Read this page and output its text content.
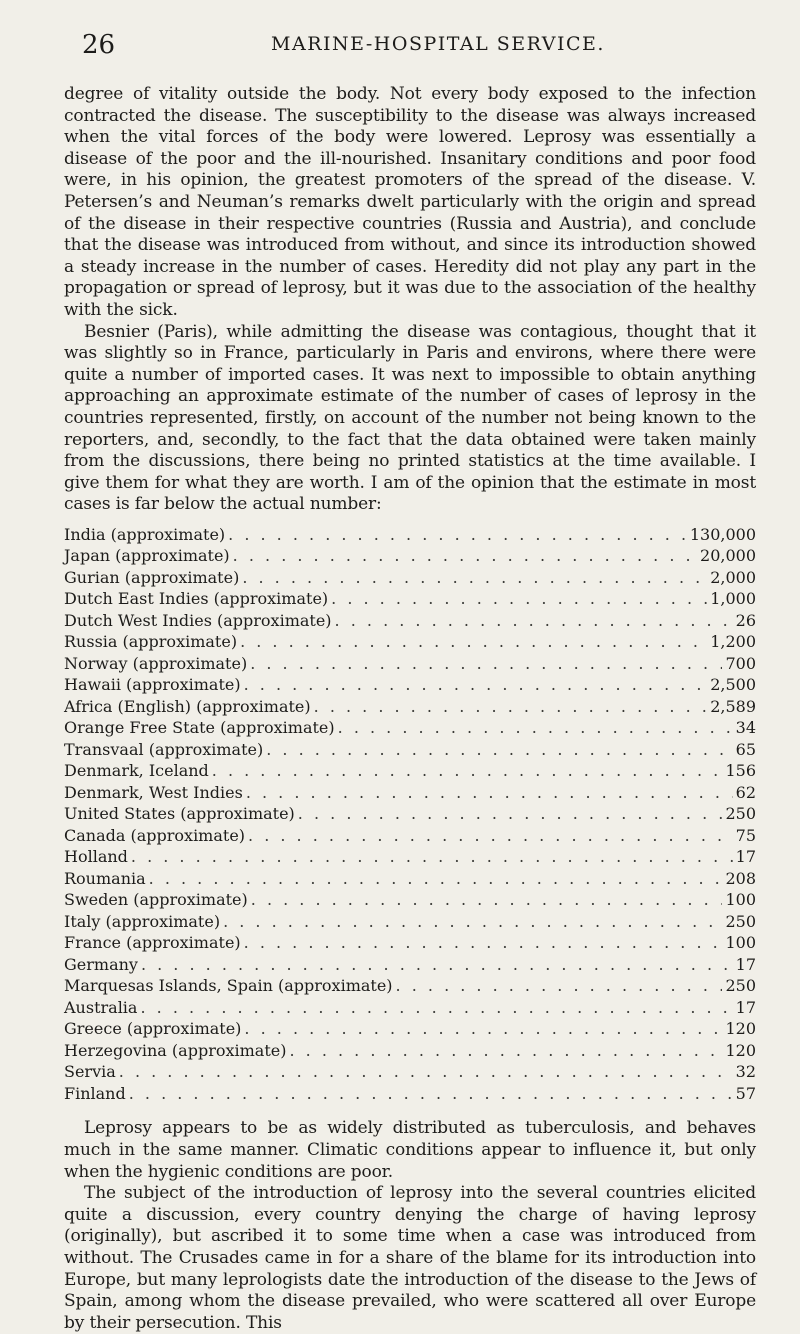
26	MARINE-HOSPITAL SERVICE.

degree of vitality outside the body. Not every body exposed to the infection contracted the disease. The susceptibility to the disease was always increased when the vital forces of the body were lowered. Leprosy was essentially a disease of the poor and the ill-nourished. Insanitary conditions and poor food were, in his opinion, the greatest promoters of the spread of the disease. V. Petersen’s and Neuman’s remarks dwelt particularly with the origin and spread of the disease in their respective countries (Russia and Austria), and conclude that the disease was introduced from without, and since its introduction showed a steady increase in the number of cases. Heredity did not play any part in the propagation or spread of leprosy, but it was due to the association of the healthy with the sick.

Besnier (Paris), while admitting the disease was contagious, thought that it was slightly so in France, particularly in Paris and environs, where there were quite a number of imported cases. It was next to impossible to obtain anything approaching an approximate estimate of the number of cases of leprosy in the countries represented, firstly, on account of the number not being known to the reporters, and, secondly, to the fact that the data obtained were taken mainly from the discussions, there being no printed statistics at the time available. I give them for what they are worth. I am of the opinion that the estimate in most cases is far below the actual number:

India (approximate) . . .	130,000
Japan (approximate) . . .	20,000
Gurian (approximate) . . .	2,000
Dutch East Indies (approximate) . . .	1,000
Dutch West Indies (approximate) . . .	26
Russia (approximate) . . .	1,200
Norway (approximate) . . .	700
Hawaii (approximate) . . .	2,500
Africa (English) (approximate) . . .	2,589
Orange Free State (approximate) . . .	34
Transvaal (approximate) . . .	65
Denmark, Iceland . . .	156
Denmark, West Indies . . .	62
United States (approximate) . . .	250
Canada (approximate) . . .	75
Holland . . .	17
Roumania . . .	208
Sweden (approximate) . . .	100
Italy (approximate) . . .	250
France (approximate) . . .	100
Germany . . .	17
Marquesas Islands, Spain (approximate) . . .	250
Australia . . .	17
Greece (approximate) . . .	120
Herzegovina (approximate) . . .	120
Servia . . .	32
Finland . . .	57

Leprosy appears to be as widely distributed as tuberculosis, and behaves much in the same manner. Climatic conditions appear to influence it, but only when the hygienic conditions are poor.

The subject of the introduction of leprosy into the several countries elicited quite a discussion, every country denying the charge of having leprosy (originally), but ascribed it to some time when a case was introduced from without. The Crusades came in for a share of the blame for its introduction into Europe, but many leprologists date the introduction of the disease to the Jews of Spain, among whom the disease prevailed, who were scattered all over Europe by their persecution. This
